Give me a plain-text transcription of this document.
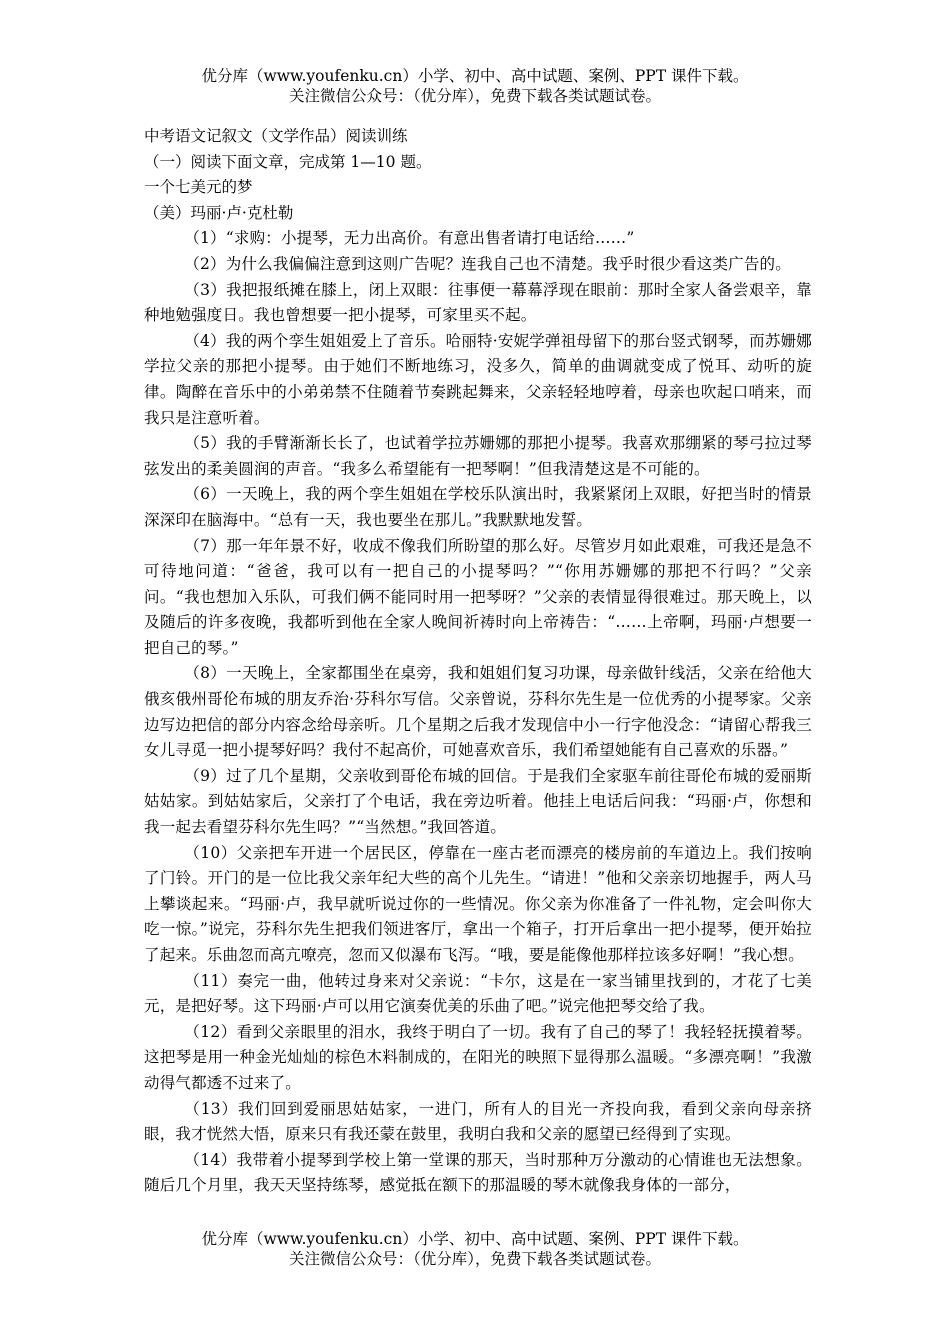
优分库（www.youfenku.cn）小学、初中、高中试题、案例、PPT 课件下载。
关注微信公众号：（优分库），免费下载各类试题试卷。
中考语文记叙文（文学作品）阅读训练
（一）阅读下面文章，完成第 1—10 题。
一个七美元的梦
（美）玛丽·卢·克杜勒

（1）“求购：小提琴，无力出高价。有意出售者请打电话给……”

（2）为什么我偏偏注意到这则广告呢？连我自己也不清楚。我乎时很少看这类广告的。

（3）我把报纸摊在膝上，闭上双眼：往事便一幕幕浮现在眼前：那时全家人备尝艰辛，靠种地勉强度日。我也曾想要一把小提琴，可家里买不起。

（4）我的两个孪生姐姐爱上了音乐。哈丽特·安妮学弹祖母留下的那台竖式钢琴，而苏姗娜学拉父亲的那把小提琴。由于她们不断地练习，没多久，简单的曲调就变成了悦耳、动听的旋律。陶醉在音乐中的小弟弟禁不住随着节奏跳起舞来，父亲轻轻地哼着，母亲也吹起口哨来，而我只是注意听着。

（5）我的手臂渐渐长长了，也试着学拉苏姗娜的那把小提琴。我喜欢那绷紧的琴弓拉过琴弦发出的柔美圆润的声音。“我多么希望能有一把琴啊！”但我清楚这是不可能的。

（6）一天晚上，我的两个孪生姐姐在学校乐队演出时，我紧紧闭上双眼，好把当时的情景深深印在脑海中。“总有一天，我也要坐在那儿。”我默默地发誓。

（7）那一年年景不好，收成不像我们所盼望的那么好。尽管岁月如此艰难，可我还是急不可待地问道：“爸爸，我可以有一把自己的小提琴吗？”“你用苏姗娜的那把不行吗？”父亲问。“我也想加入乐队，可我们俩不能同时用一把琴呀？”父亲的表情显得很难过。那天晚上，以及随后的许多夜晚，我都听到他在全家人晚间祈祷时向上帝祷告：“……上帝啊，玛丽·卢想要一把自己的琴。”

（8）一天晚上，全家都围坐在桌旁，我和姐姐们复习功课，母亲做针线活，父亲在给他大俄亥俄州哥伦布城的朋友乔治·芬科尔写信。父亲曾说，芬科尔先生是一位优秀的小提琴家。父亲边写边把信的部分内容念给母亲听。几个星期之后我才发现信中小一行字他没念：“请留心帮我三女儿寻觅一把小提琴好吗？我付不起高价，可她喜欢音乐，我们希望她能有自己喜欢的乐器。”

（9）过了几个星期，父亲收到哥伦布城的回信。于是我们全家驱车前往哥伦布城的爱丽斯姑姑家。到姑姑家后，父亲打了个电话，我在旁边听着。他挂上电话后问我：“玛丽·卢，你想和我一起去看望芬科尔先生吗？”“当然想。”我回答道。

（10）父亲把车开进一个居民区，停靠在一座古老而漂亮的楼房前的车道边上。我们按响了门铃。开门的是一位比我父亲年纪大些的高个儿先生。“请进！”他和父亲亲切地握手，两人马上攀谈起来。“玛丽·卢，我早就听说过你的一些情况。你父亲为你准备了一件礼物，定会叫你大吃一惊。”说完，芬科尔先生把我们领进客厅，拿出一个箱子，打开后拿出一把小提琴，便开始拉了起来。乐曲忽而高亢嘹亮，忽而又似瀑布飞泻。“哦，要是能像他那样拉该多好啊！”我心想。

（11）奏完一曲，他转过身来对父亲说：“卡尔，这是在一家当铺里找到的，才花了七美元，是把好琴。这下玛丽·卢可以用它演奏优美的乐曲了吧。”说完他把琴交给了我。

（12）看到父亲眼里的泪水，我终于明白了一切。我有了自己的琴了！我轻轻抚摸着琴。这把琴是用一种金光灿灿的棕色木料制成的，在阳光的映照下显得那么温暖。“多漂亮啊！”我激动得气都透不过来了。

（13）我们回到爱丽思姑姑家，一进门，所有人的目光一齐投向我，看到父亲向母亲挤眼，我才恍然大悟，原来只有我还蒙在鼓里，我明白我和父亲的愿望已经得到了实现。

（14）我带着小提琴到学校上第一堂课的那天，当时那种万分激动的心情谁也无法想象。随后几个月里，我天天坚持练琴，感觉抵在额下的那温暖的琴木就像我身体的一部分，

优分库（www.youfenku.cn）小学、初中、高中试题、案例、PPT 课件下载。
关注微信公众号：（优分库），免费下载各类试题试卷。
